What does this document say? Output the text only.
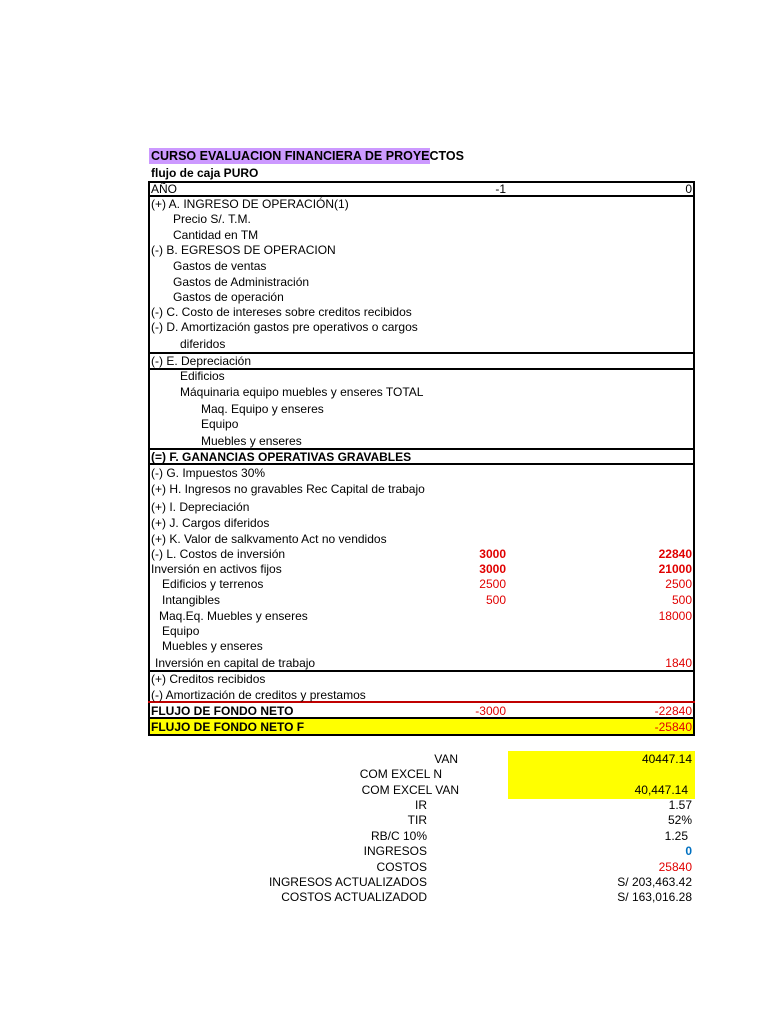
CURSO EVALUACION FINANCIERA DE PROYECTOS
flujo de caja PURO
AÑO	-1	0
(+) A. INGRESO DE OPERACIÓN(1)
Precio S/. T.M.
Cantidad en TM
(-) B. EGRESOS DE OPERACION
Gastos de ventas
Gastos de Administración
Gastos de operación
(-) C. Costo de intereses sobre creditos recibidos
(-) D. Amortización gastos pre operativos o cargos
diferidos
(-) E. Depreciación
Edificios
Máquinaria equipo muebles y enseres TOTAL
Maq. Equipo y enseres
Equipo
Muebles y enseres
(=) F. GANANCIAS OPERATIVAS GRAVABLES
(-) G. Impuestos 30%
(+) H. Ingresos no gravables Rec Capital de trabajo
(+) I. Depreciación
(+) J. Cargos diferidos
(+) K. Valor de salkvamento Act no vendidos
(-) L. Costos de inversión
Inversión en activos fijos
Edificios y terrenos
Intangibles
Maq.Eq. Muebles y enseres
Equipo
Muebles y enseres
Inversión en capital de trabajo
(+) Creditos recibidos
(-) Amortización de creditos y prestamos
FLUJO DE FONDO NETO
FLUJO DE FONDO NETO F
3000
3000
2500
500
-3000
22840
21000
2500
500
18000
1840
-22840
-25840
VAN
COM EXCEL N
COM EXCEL VAN
IR
TIR
RB/C 10%
INGRESOS
COSTOS
INGRESOS ACTUALIZADOS
COSTOS ACTUALIZADOD
40447.14
40,447.14
1.57
52%
1.25
0
25840
S/ 203,463.42
S/ 163,016.28
